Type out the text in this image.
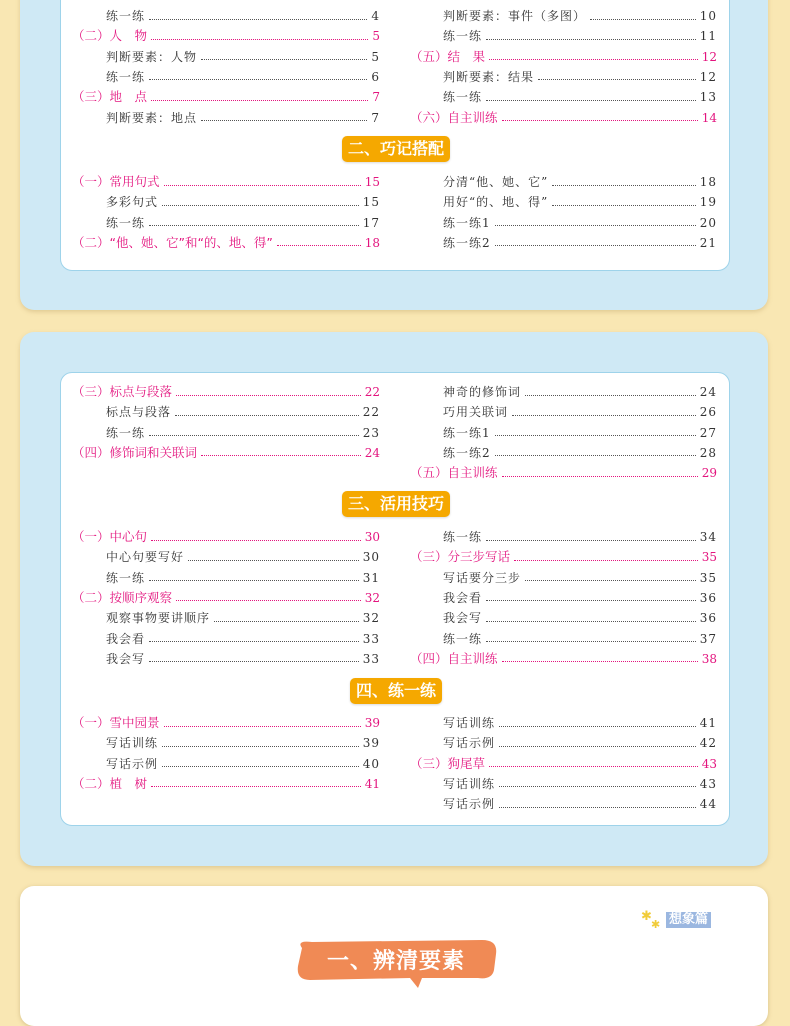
练一练	4
（二）人　物	5
判断要素：人物	5
练一练	6
（三）地　点	7
判断要素：地点	7
判断要素：事件（多图）	10
练一练	11
（五）结　果	12
判断要素：结果	12
练一练	13
（六）自主训练	14
（一）常用句式	15
多彩句式	15
练一练	17
（二）“他、她、它”和“的、地、得”	18
分清“他、她、它”	18
用好“的、地、得”	19
练一练1	20
练一练2	21
（三）标点与段落	22
标点与段落	22
练一练	23
（四）修饰词和关联词	24
神奇的修饰词	24
巧用关联词	26
练一练1	27
练一练2	28
（五）自主训练	29
（一）中心句	30
中心句要写好	30
练一练	31
（二）按顺序观察	32
观察事物要讲顺序	32
我会看	33
我会写	33
练一练	34
（三）分三步写话	35
写话要分三步	35
我会看	36
我会写	36
练一练	37
（四）自主训练	38
（一）雪中园景	39
写话训练	39
写话示例	40
（二）植　树	41
写话训练	41
写话示例	42
（三）狗尾草	43
写话训练	43
写话示例	44
二、巧记搭配
三、活用技巧
四、练一练
✱
✱ 想象篇
一、辨清要素
